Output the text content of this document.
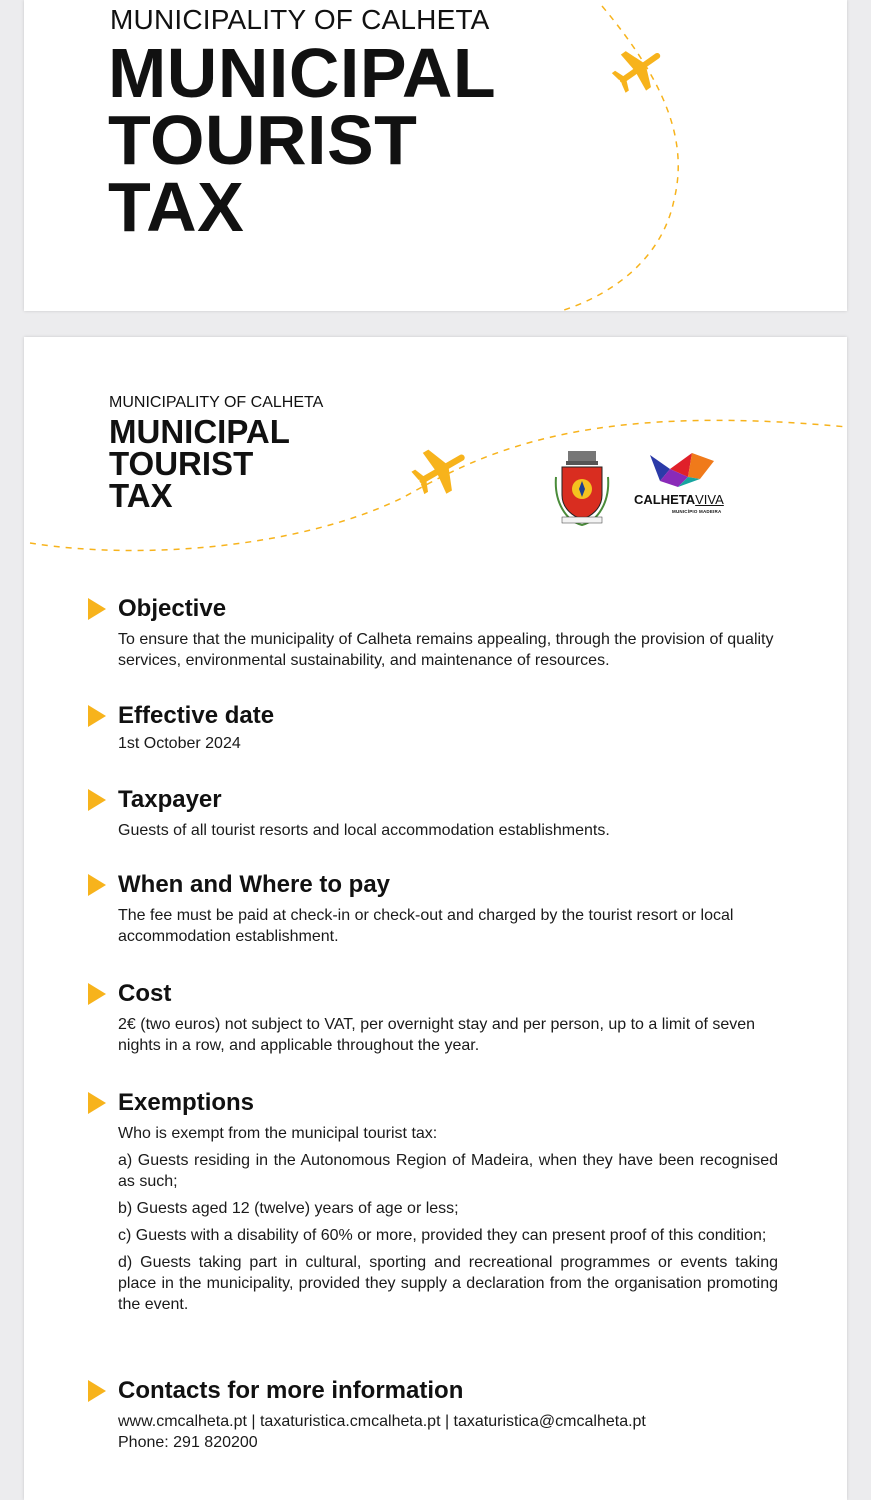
MUNICIPALITY OF CALHETA
MUNICIPAL
TOURIST
TAX
MUNICIPALITY OF CALHETA
MUNICIPAL
TOURIST
TAX	CALHETAVIVA
MUNICÍPIO MADEIRA
Objective

To ensure that the municipality of Calheta remains appealing, through the provision of quality services, environmental sustainability, and maintenance of resources.

Effective date

1st October 2024

Taxpayer

Guests of all tourist resorts and local accommodation establishments.

When and Where to pay

The fee must be paid at check-in or check-out and charged by the tourist resort or local accommodation establishment.

Cost

2€ (two euros) not subject to VAT, per overnight stay and per person, up to a limit of seven nights in a row, and applicable throughout the year.

Exemptions

Who is exempt from the municipal tourist tax:

a) Guests residing in the Autonomous Region of Madeira, when they have been recognised as such;

b) Guests aged 12 (twelve) years of age or less;

c) Guests with a disability of 60% or more, provided they can present proof of this condition;

d) Guests taking part in cultural, sporting and recreational programmes or events taking place in the municipality, provided they supply a declaration from the organisation promoting the event.

Contacts for more information

www.cmcalheta.pt | taxaturistica.cmcalheta.pt | taxaturistica@cmcalheta.pt

Phone: 291 820200
